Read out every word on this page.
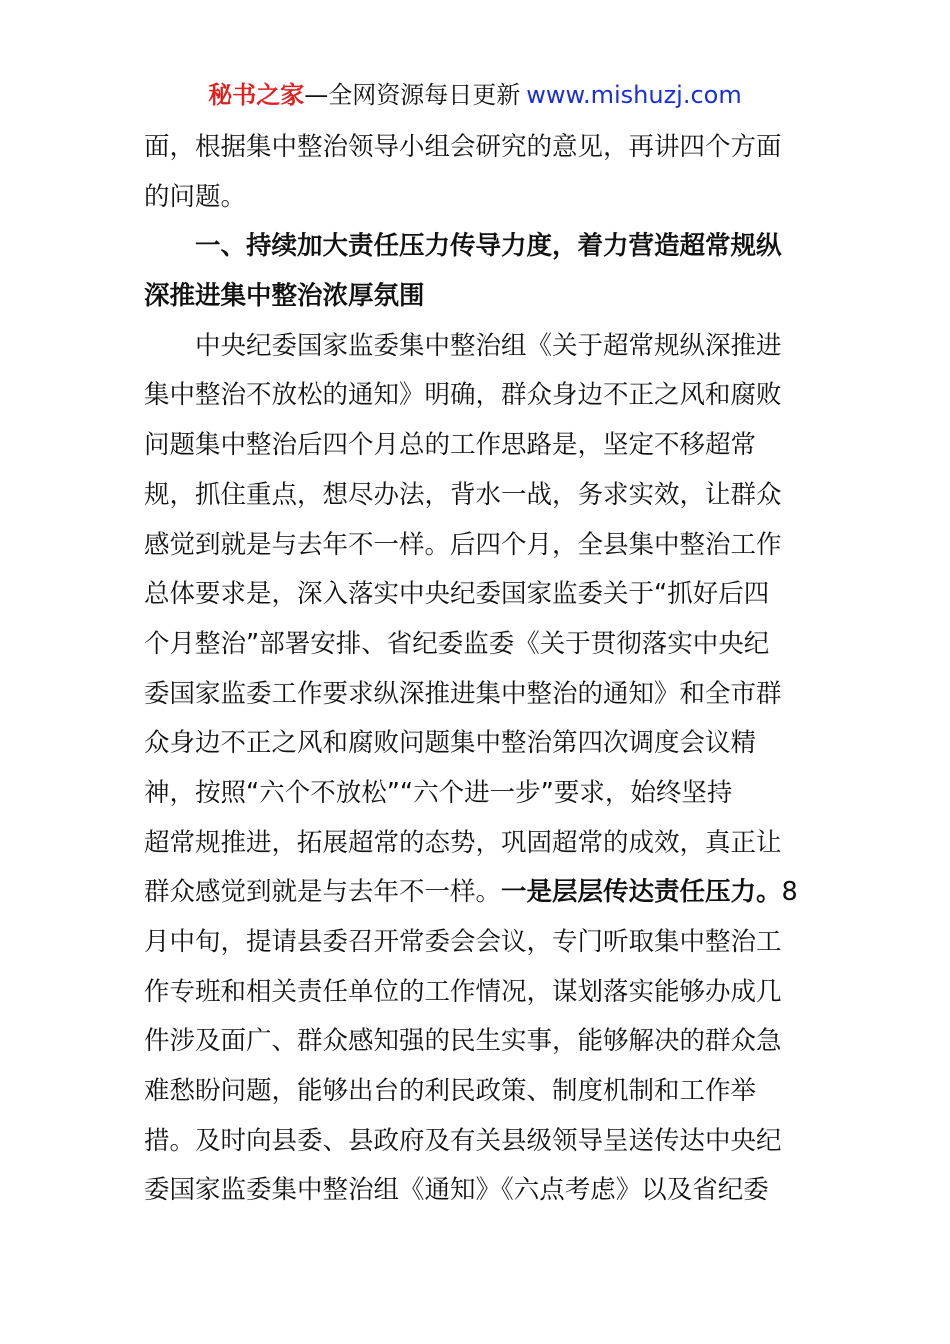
秘书之家—全网资源每日更新 www.mishuzj.com
面，根据集中整治领导小组会研究的意见，再讲四个方面
的问题。
一、持续加大责任压力传导力度，着力营造超常规纵
深推进集中整治浓厚氛围
中央纪委国家监委集中整治组《关于超常规纵深推进
集中整治不放松的通知》明确，群众身边不正之风和腐败
问题集中整治后四个月总的工作思路是，坚定不移超常
规，抓住重点，想尽办法，背水一战，务求实效，让群众
感觉到就是与去年不一样。后四个月，全县集中整治工作
总体要求是，深入落实中央纪委国家监委关于“抓好后四
个月整治”部署安排、省纪委监委《关于贯彻落实中央纪
委国家监委工作要求纵深推进集中整治的通知》和全市群
众身边不正之风和腐败问题集中整治第四次调度会议精
神，按照“六个不放松”“六个进一步”要求，始终坚持
超常规推进，拓展超常的态势，巩固超常的成效，真正让
群众感觉到就是与去年不一样。一是层层传达责任压力。8
月中旬，提请县委召开常委会会议，专门听取集中整治工
作专班和相关责任单位的工作情况，谋划落实能够办成几
件涉及面广、群众感知强的民生实事，能够解决的群众急
难愁盼问题，能够出台的利民政策、制度机制和工作举
措。及时向县委、县政府及有关县级领导呈送传达中央纪
委国家监委集中整治组《通知》《六点考虑》以及省纪委
